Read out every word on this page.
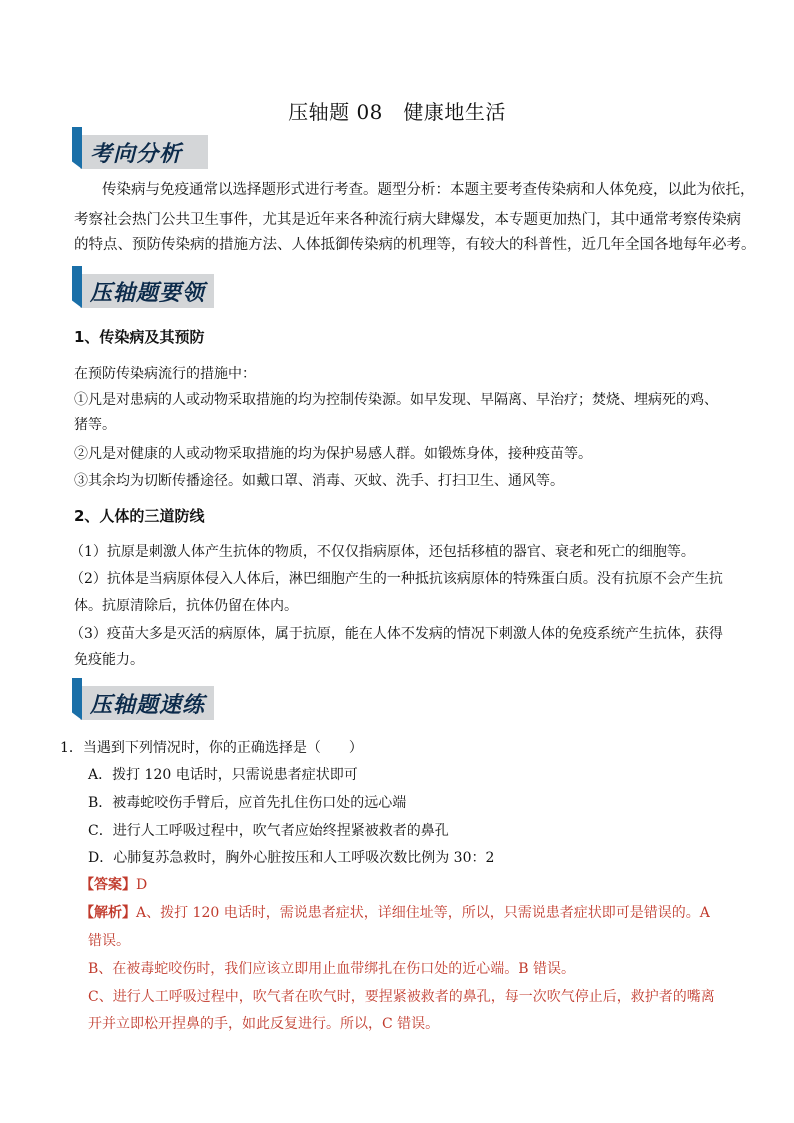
压轴题 08　健康地生活
考向分析
传染病与免疫通常以选择题形式进行考查。题型分析：本题主要考查传染病和人体免疫，以此为依托，
考察社会热门公共卫生事件，尤其是近年来各种流行病大肆爆发，本专题更加热门，其中通常考察传染病
的特点、预防传染病的措施方法、人体抵御传染病的机理等，有较大的科普性，近几年全国各地每年必考。
压轴题要领
1、传染病及其预防
在预防传染病流行的措施中：
①凡是对患病的人或动物采取措施的均为控制传染源。如早发现、早隔离、早治疗；焚烧、埋病死的鸡、
猪等。
②凡是对健康的人或动物采取措施的均为保护易感人群。如锻炼身体，接种疫苗等。
③其余均为切断传播途径。如戴口罩、消毒、灭蚊、洗手、打扫卫生、通风等。
2、人体的三道防线
（1）抗原是刺激人体产生抗体的物质，不仅仅指病原体，还包括移植的器官、衰老和死亡的细胞等。
（2）抗体是当病原体侵入人体后，淋巴细胞产生的一种抵抗该病原体的特殊蛋白质。没有抗原不会产生抗
体。抗原清除后，抗体仍留在体内。
（3）疫苗大多是灭活的病原体，属于抗原，能在人体不发病的情况下刺激人体的免疫系统产生抗体，获得
免疫能力。
压轴题速练
1．当遇到下列情况时，你的正确选择是（　　）
A．拨打 120 电话时，只需说患者症状即可
B．被毒蛇咬伤手臂后，应首先扎住伤口处的远心端
C．进行人工呼吸过程中，吹气者应始终捏紧被救者的鼻孔
D．心肺复苏急救时，胸外心脏按压和人工呼吸次数比例为 30：2
【答案】D
【解析】A、拨打 120 电话时，需说患者症状，详细住址等，所以，只需说患者症状即可是错误的。A
错误。
B、在被毒蛇咬伤时，我们应该立即用止血带绑扎在伤口处的近心端。B 错误。
C、进行人工呼吸过程中，吹气者在吹气时，要捏紧被救者的鼻孔，每一次吹气停止后，救护者的嘴离
开并立即松开捏鼻的手，如此反复进行。所以，C 错误。
